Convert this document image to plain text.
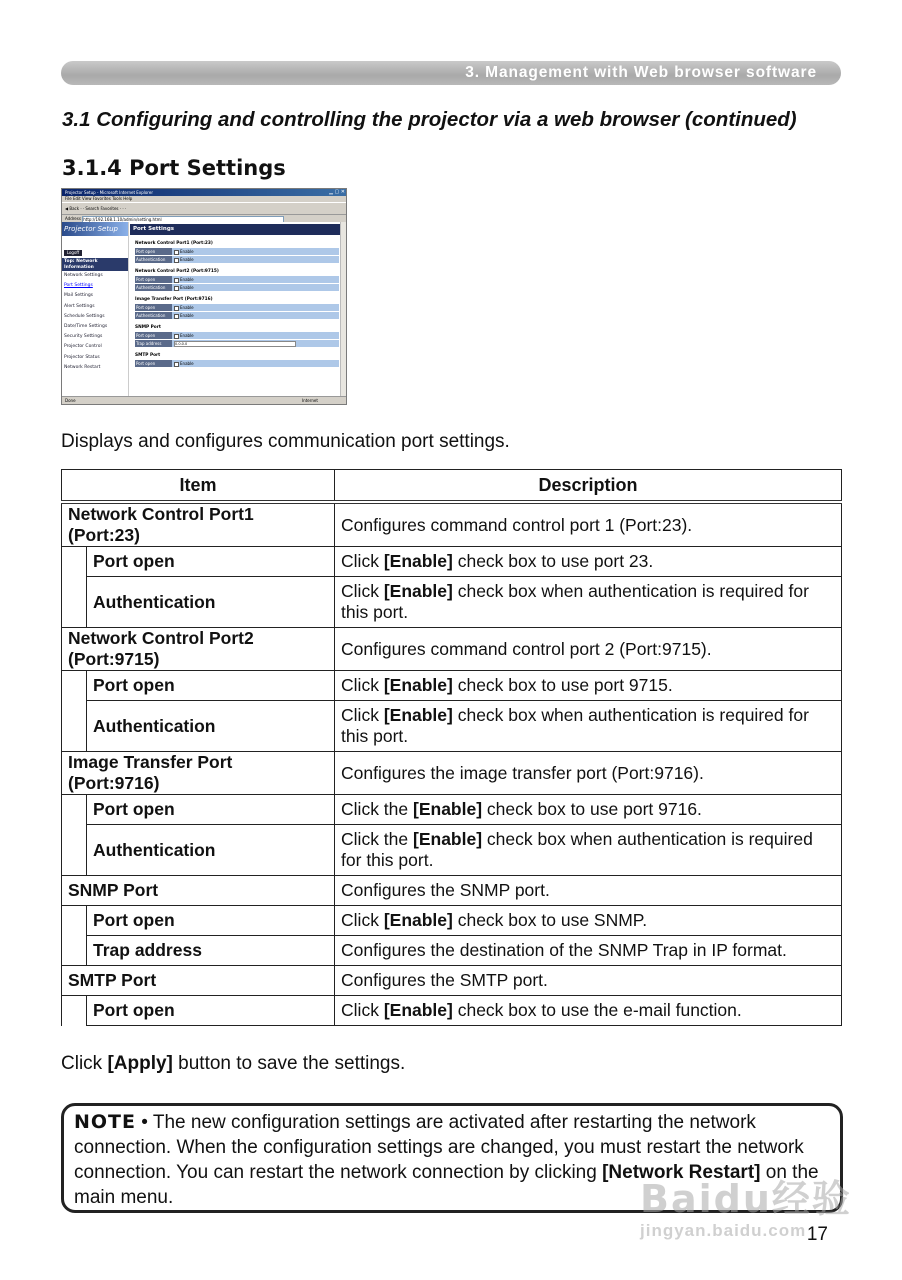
3. Management with Web browser software
3.1 Configuring and controlling the projector via a web browser (continued)
3.1.4 Port Settings
Projector Setup - Microsoft Internet Explorer	▁ ▢ ✕
File Edit View Favorites Tools Help
◀ Back · · Search Favorites · · ·
Address http://192.168.1.10/admin/setting.html
Projector Setup
Logoff
Top: Network Information
Network Settings
Port Settings
Mail Settings
Alert Settings
Schedule Settings
Date/Time Settings
Security Settings
Projector Control
Projector Status
Network Restart
Port Settings
Network Control Port1 (Port:23)
Port open	Enable
Authentication	Enable
Network Control Port2 (Port:9715)
Port open	Enable
Authentication	Enable
Image Transfer Port (Port:9716)
Port open	Enable
Authentication	Enable
SNMP Port
Port open	Enable
Trap address	0.0.0.0
SMTP Port
Port open	Enable
Done	Internet

Displays and configures communication port settings.

Item		Description
Network Control Port1 (Port:23)		Configures command control port 1 (Port:23).
	Port open	Click [Enable] check box to use port 23.
	Authentication	Click [Enable] check box when authentication is required for this port.
Network Control Port2 (Port:9715)		Configures command control port 2 (Port:9715).
	Port open	Click [Enable] check box to use port 9715.
	Authentication	Click [Enable] check box when authentication is required for this port.
Image Transfer Port (Port:9716)		Configures the image transfer port (Port:9716).
	Port open	Click the [Enable] check box to use port 9716.
	Authentication	Click the [Enable] check box when authentication is required for this port.
SNMP Port		Configures the SNMP port.
	Port open	Click [Enable] check box to use SNMP.
	Trap address	Configures the destination of the SNMP Trap in IP format.
SMTP Port		Configures the SMTP port.
	Port open	Click [Enable] check box to use the e-mail function.

Click [Apply] button to save the settings.

NOTE • The new configuration settings are activated after restarting the network connection. When the configuration settings are changed, you must restart the network connection. You can restart the network connection by clicking [Network Restart] on the main menu.	Baidu经验
jingyan.baidu.com 17
